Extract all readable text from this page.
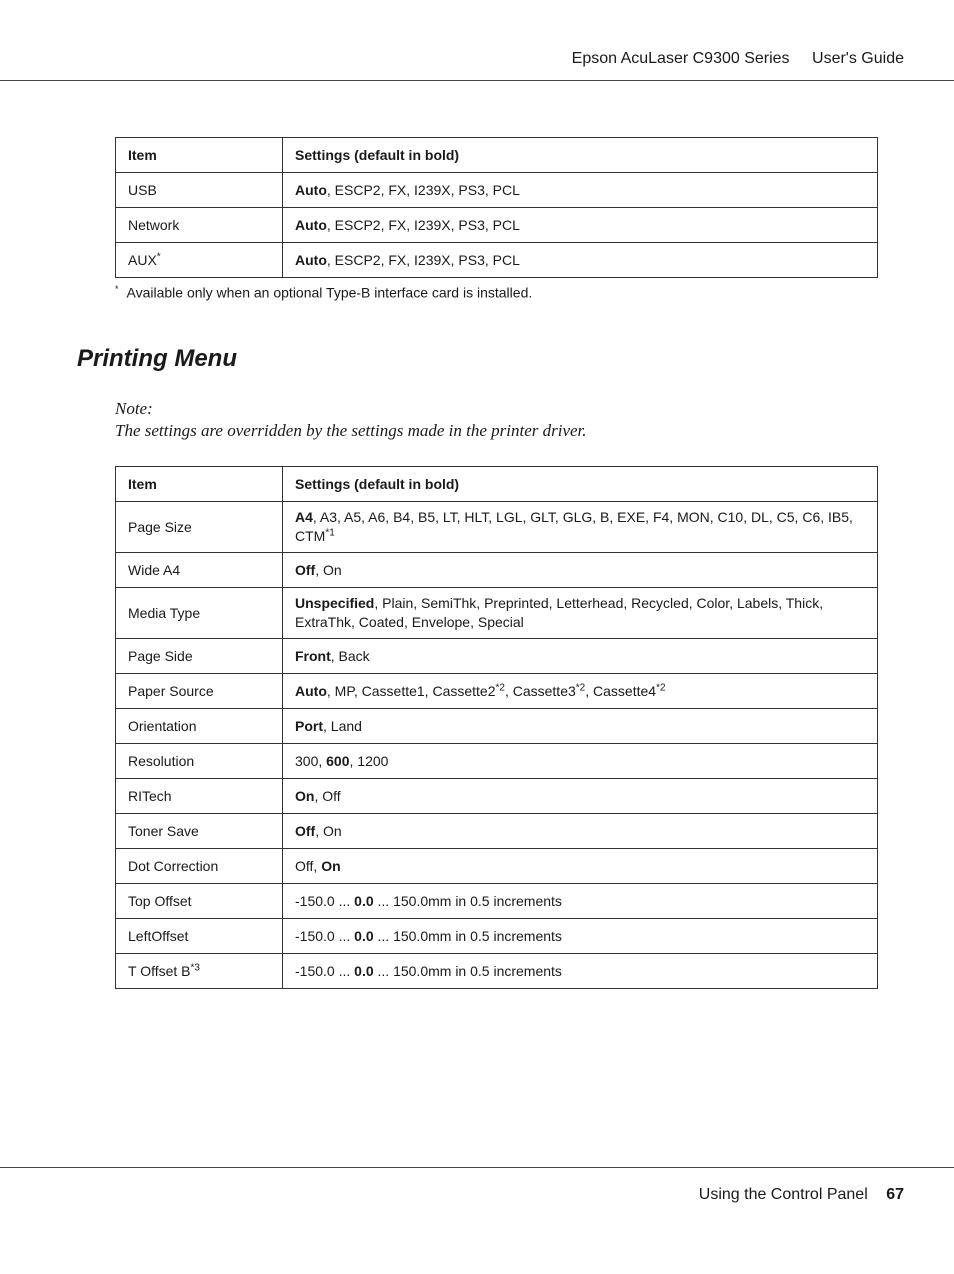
Epson AcuLaser C9300 Series User's Guide
Item	Settings (default in bold)
USB	Auto, ESCP2, FX, I239X, PS3, PCL
Network	Auto, ESCP2, FX, I239X, PS3, PCL
AUX*	Auto, ESCP2, FX, I239X, PS3, PCL
* Available only when an optional Type-B interface card is installed.
Printing Menu
Note:
The settings are overridden by the settings made in the printer driver.
Item	Settings (default in bold)
Page Size	A4, A3, A5, A6, B4, B5, LT, HLT, LGL, GLT, GLG, B, EXE, F4, MON, C10, DL, C5, C6, IB5, CTM$^{*1}$
Wide A4	Off, On
Media Type	Unspecified, Plain, SemiThk, Preprinted, Letterhead, Recycled, Color, Labels, Thick, ExtraThk, Coated, Envelope, Special
Page Side	Front, Back
Paper Source	Auto, MP, Cassette1, Cassette2$^{*2}$, Cassette3$^{*2}$, Cassette4$^{*2}$
Orientation	Port, Land
Resolution	300, 600, 1200
RITech	On, Off
Toner Save	Off, On
Dot Correction	Off, On
Top Offset	-150.0 ... 0.0 ... 150.0mm in 0.5 increments
LeftOffset	-150.0 ... 0.0 ... 150.0mm in 0.5 increments
T Offset $B^{*3}$	-150.0 ... 0.0 ... 150.0mm in 0.5 increments
Using the Control Panel 67
